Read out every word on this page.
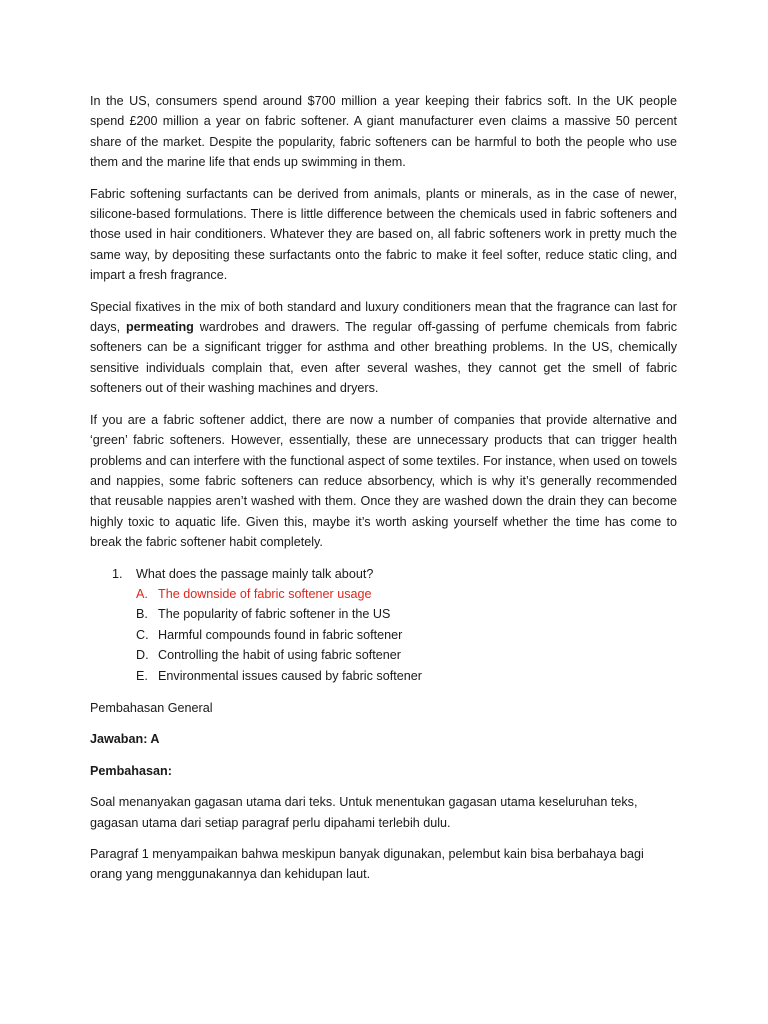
In the US, consumers spend around $700 million a year keeping their fabrics soft. In the UK people spend £200 million a year on fabric softener. A giant manufacturer even claims a massive 50 percent share of the market. Despite the popularity, fabric softeners can be harmful to both the people who use them and the marine life that ends up swimming in them.

Fabric softening surfactants can be derived from animals, plants or minerals, as in the case of newer, silicone-based formulations. There is little difference between the chemicals used in fabric softeners and those used in hair conditioners. Whatever they are based on, all fabric softeners work in pretty much the same way, by depositing these surfactants onto the fabric to make it feel softer, reduce static cling, and impart a fresh fragrance.

Special fixatives in the mix of both standard and luxury conditioners mean that the fragrance can last for days, permeating wardrobes and drawers. The regular off-gassing of perfume chemicals from fabric softeners can be a significant trigger for asthma and other breathing problems. In the US, chemically sensitive individuals complain that, even after several washes, they cannot get the smell of fabric softeners out of their washing machines and dryers.

If you are a fabric softener addict, there are now a number of companies that provide alternative and ‘green’ fabric softeners. However, essentially, these are unnecessary products that can trigger health problems and can interfere with the functional aspect of some textiles. For instance, when used on towels and nappies, some fabric softeners can reduce absorbency, which is why it’s generally recommended that reusable nappies aren’t washed with them. Once they are washed down the drain they can become highly toxic to aquatic life. Given this, maybe it’s worth asking yourself whether the time has come to break the fabric softener habit completely.

1.	What does the passage mainly talk about?
A. The downside of fabric softener usage
B. The popularity of fabric softener in the US
C. Harmful compounds found in fabric softener
D. Controlling the habit of using fabric softener
E. Environmental issues caused by fabric softener

Pembahasan General

Jawaban: A

Pembahasan:

Soal menanyakan gagasan utama dari teks. Untuk menentukan gagasan utama keseluruhan teks, gagasan utama dari setiap paragraf perlu dipahami terlebih dulu.

Paragraf 1 menyampaikan bahwa meskipun banyak digunakan, pelembut kain bisa berbahaya bagi orang yang menggunakannya dan kehidupan laut.
